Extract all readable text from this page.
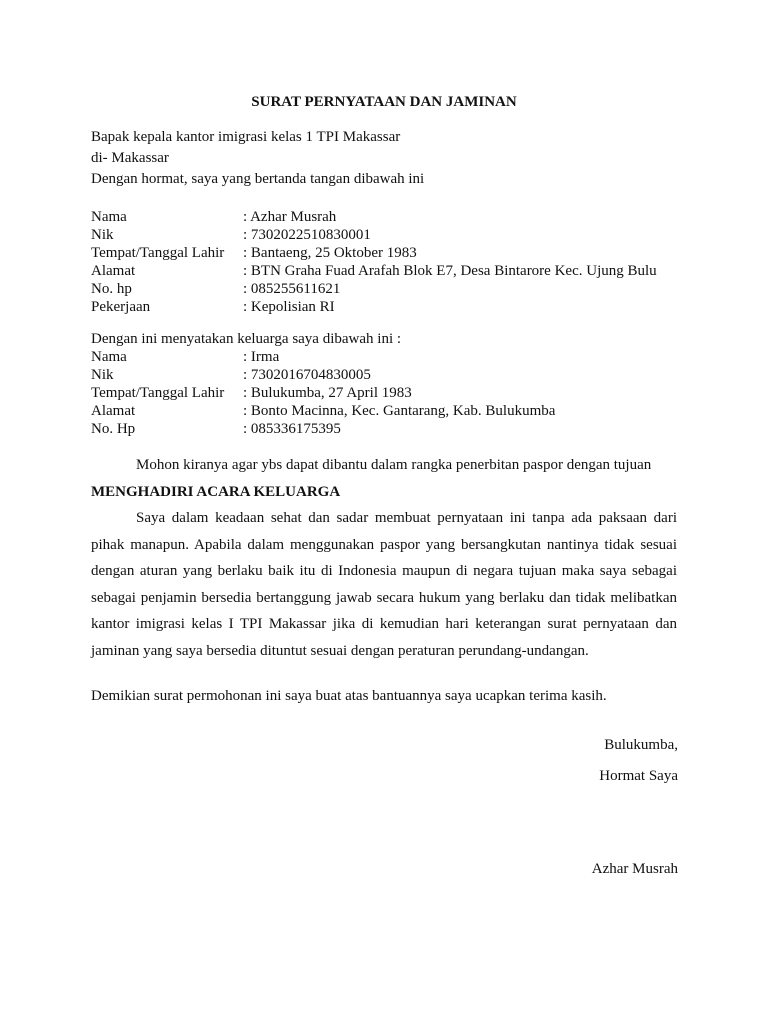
SURAT PERNYATAAN DAN JAMINAN
Bapak kepala kantor imigrasi kelas 1 TPI Makassar
di- Makassar
Dengan hormat, saya yang bertanda tangan dibawah ini
Nama	: Azhar Musrah
Nik	: 7302022510830001
Tempat/Tanggal Lahir	: Bantaeng, 25 Oktober 1983
Alamat	: BTN Graha Fuad Arafah Blok E7, Desa Bintarore Kec. Ujung Bulu
No. hp	: 085255611621
Pekerjaan	: Kepolisian RI
Dengan ini menyatakan keluarga saya dibawah ini :
Nama	: Irma
Nik	: 7302016704830005
Tempat/Tanggal Lahir	: Bulukumba, 27 April 1983
Alamat	: Bonto Macinna, Kec. Gantarang, Kab. Bulukumba
No. Hp	: 085336175395
Mohon kiranya agar ybs dapat dibantu dalam rangka penerbitan paspor dengan tujuan
MENGHADIRI ACARA KELUARGA
Saya dalam keadaan sehat dan sadar membuat pernyataan ini tanpa ada paksaan dari pihak manapun. Apabila dalam menggunakan paspor yang bersangkutan nantinya tidak sesuai dengan aturan yang berlaku baik itu di Indonesia maupun di negara tujuan maka saya sebagai sebagai penjamin bersedia bertanggung jawab secara hukum yang berlaku dan tidak melibatkan kantor imigrasi kelas I TPI Makassar jika di kemudian hari keterangan surat pernyataan dan jaminan yang saya bersedia dituntut sesuai dengan peraturan perundang-undangan.
Demikian surat permohonan ini saya buat atas bantuannya saya ucapkan terima kasih.
Bulukumba,
Hormat Saya
Azhar Musrah
